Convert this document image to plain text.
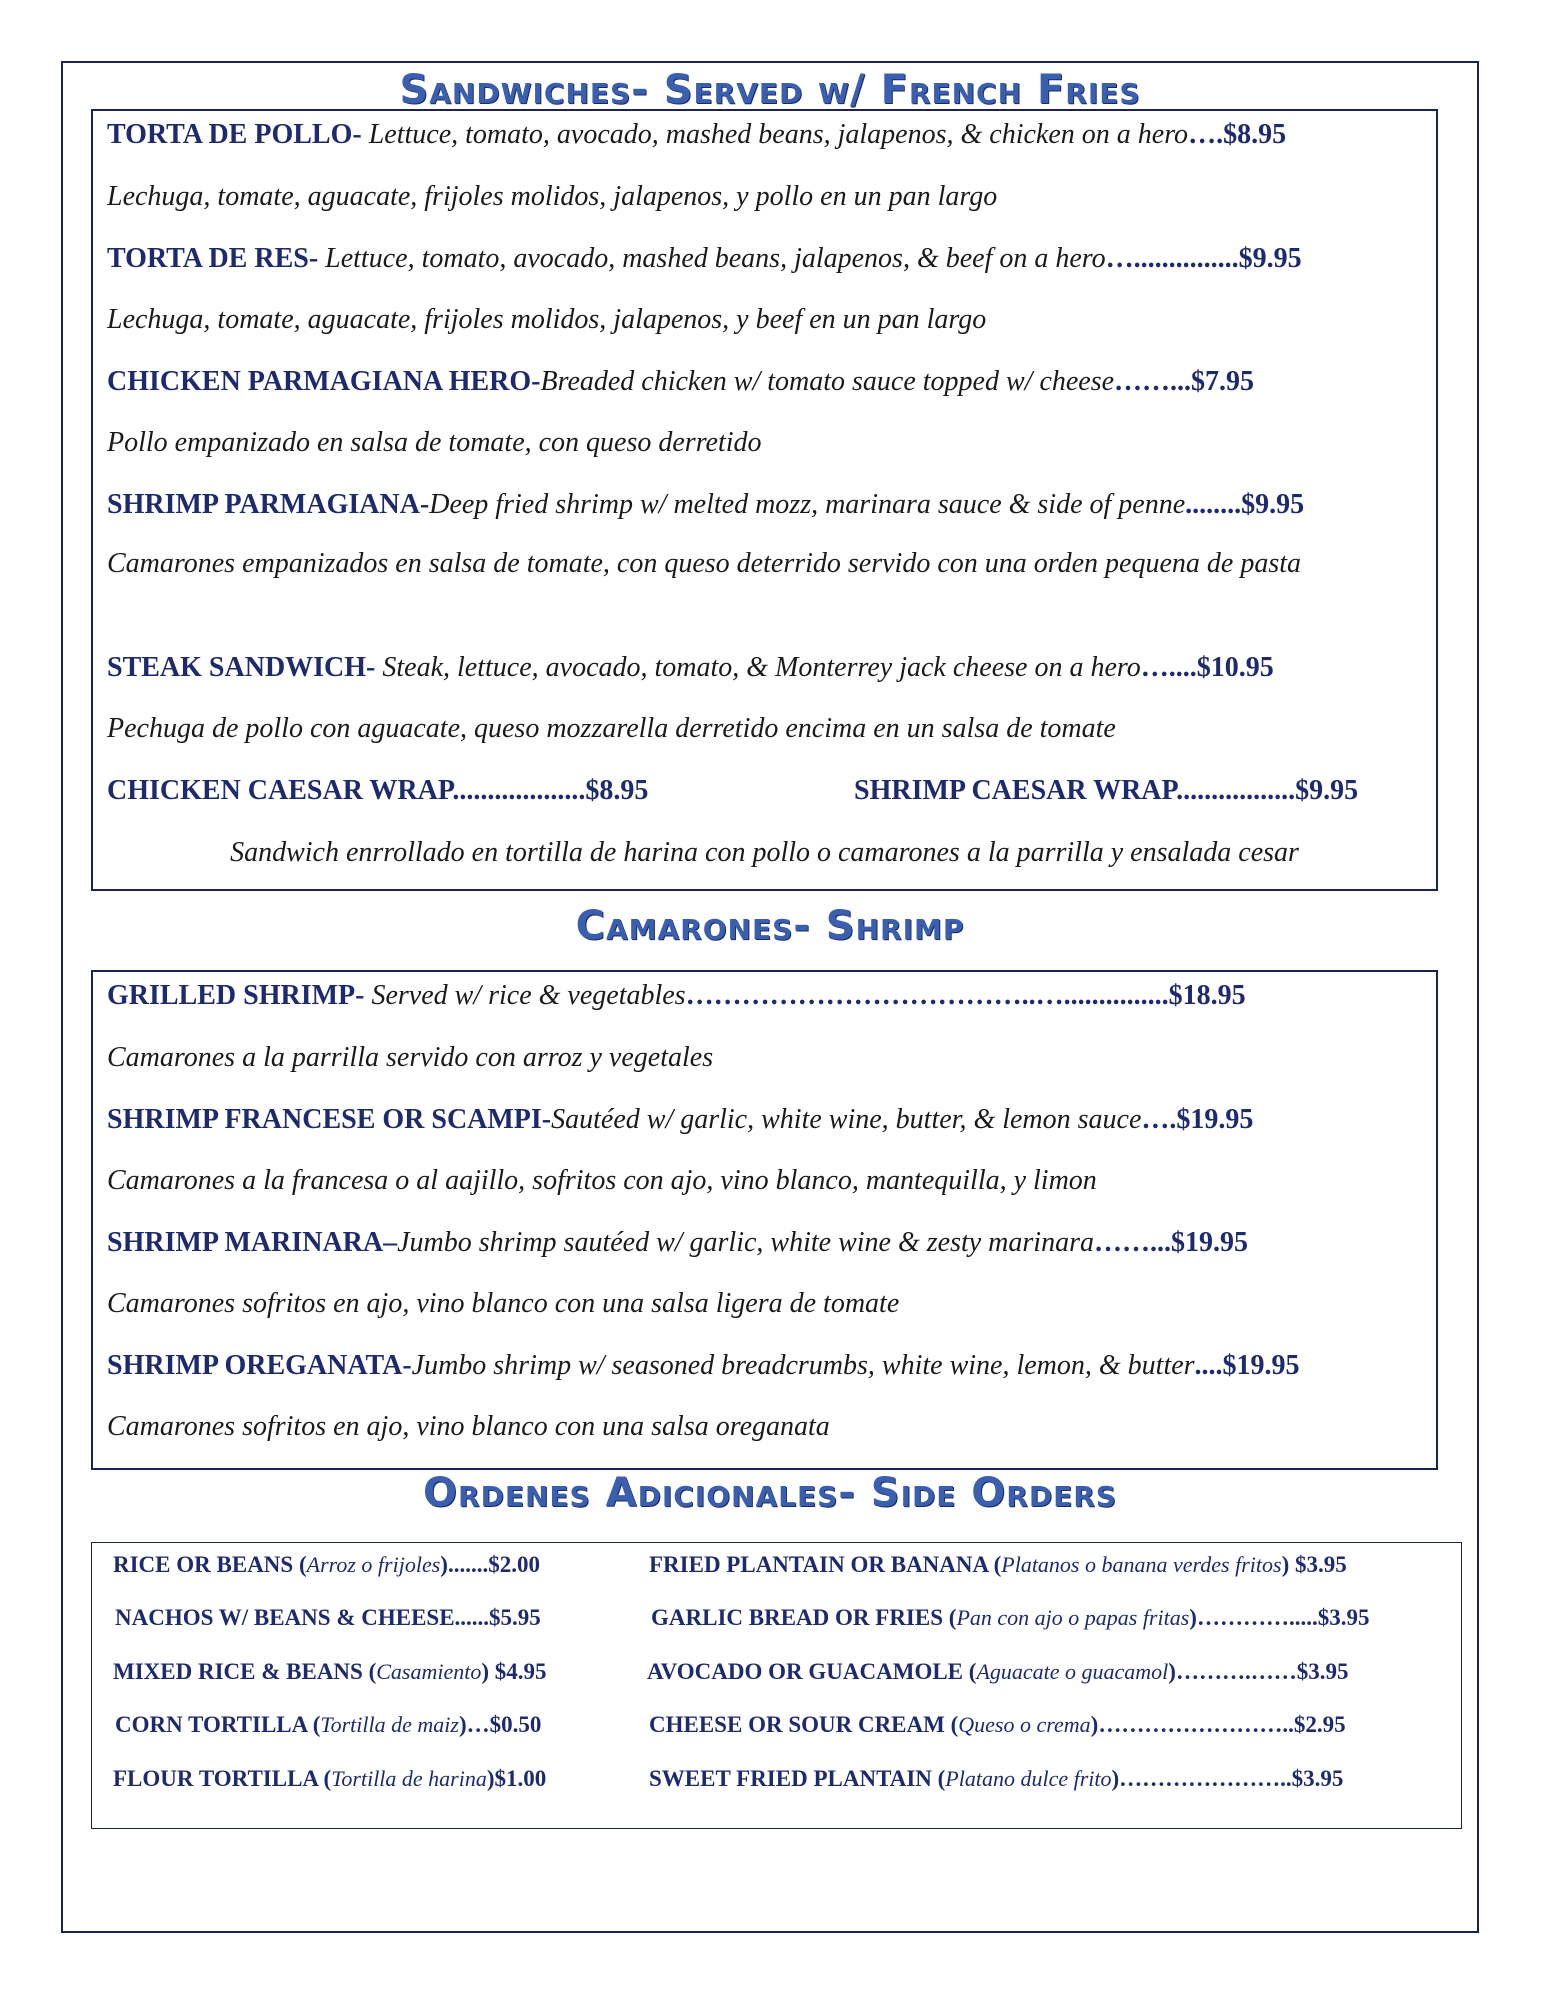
Sandwiches- Served w/ French Fries
TORTA DE POLLO- Lettuce, tomato, avocado, mashed beans, jalapenos, & chicken on a hero….$8.95
Lechuga, tomate, aguacate, frijoles molidos, jalapenos, y pollo en un pan largo
TORTA DE RES- Lettuce, tomato, avocado, mashed beans, jalapenos, & beef on a hero…...............$9.95
Lechuga, tomate, aguacate, frijoles molidos, jalapenos, y beef en un pan largo
CHICKEN PARMAGIANA HERO-Breaded chicken w/ tomato sauce topped w/ cheese……...$7.95
Pollo empanizado en salsa de tomate, con queso derretido
SHRIMP PARMAGIANA-Deep fried shrimp w/ melted mozz, marinara sauce & side of penne........$9.95
Camarones empanizados en salsa de tomate, con queso deterrido servido con una orden pequena de pasta
STEAK SANDWICH- Steak, lettuce, avocado, tomato, & Monterrey jack cheese on a hero…....$10.95
Pechuga de pollo con aguacate, queso mozzarella derretido encima en un salsa de tomate
CHICKEN CAESAR WRAP...................$8.95	SHRIMP CAESAR WRAP.................$9.95
Sandwich enrrollado en tortilla de harina con pollo o camarones a la parrilla y ensalada cesar
Camarones- Shrimp
GRILLED SHRIMP- Served w/ rice & vegetables………………………………..…...............$18.95
Camarones a la parrilla servido con arroz y vegetales
SHRIMP FRANCESE OR SCAMPI-Sautéed w/ garlic, white wine, butter, & lemon sauce….$19.95
Camarones a la francesa o al aajillo, sofritos con ajo, vino blanco, mantequilla, y limon
SHRIMP MARINARA–Jumbo shrimp sautéed w/ garlic, white wine & zesty marinara……...$19.95
Camarones sofritos en ajo, vino blanco con una salsa ligera de tomate
SHRIMP OREGANATA-Jumbo shrimp w/ seasoned breadcrumbs, white wine, lemon, & butter....$19.95
Camarones sofritos en ajo, vino blanco con una salsa oreganata
Ordenes Adicionales- Side Orders
RICE OR BEANS (Arroz o frijoles).......$2.00
NACHOS W/ BEANS & CHEESE......$5.95
MIXED RICE & BEANS (Casamiento) $4.95
CORN TORTILLA (Tortilla de maiz)…$0.50
FLOUR TORTILLA (Tortilla de harina)$1.00
FRIED PLANTAIN OR BANANA (Platanos o banana verdes fritos) $3.95
GARLIC BREAD OR FRIES (Pan con ajo o papas fritas)………….....$3.95
AVOCADO OR GUACAMOLE (Aguacate o guacamol)……….……$3.95
CHEESE OR SOUR CREAM (Queso o crema)……………………..$2.95
SWEET FRIED PLANTAIN (Platano dulce frito)…………………..$3.95
